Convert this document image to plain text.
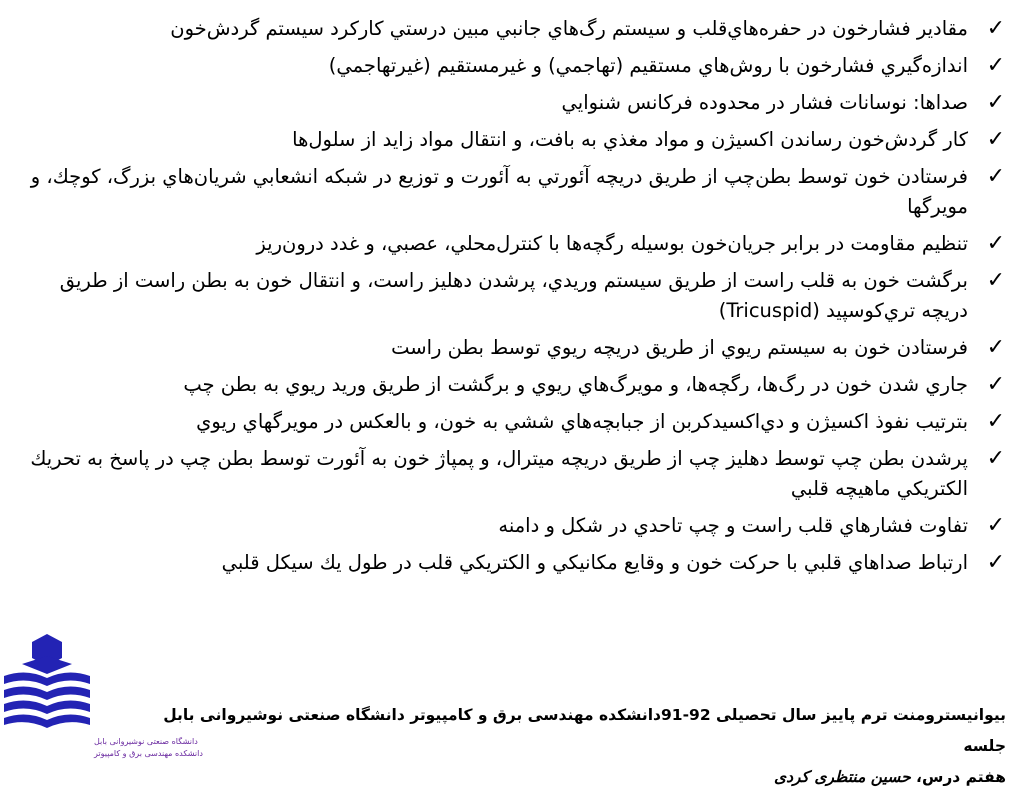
✓
مقادير فشارخون در حفره‌هاي‌قلب و سيستم رگ‌هاي جانبي مبين درستي كاركرد سيستم گردش‌خون
✓
اندازه‌گيري فشارخون با روش‌هاي مستقيم (تهاجمي) و غيرمستقيم (غيرتهاجمي)
✓
صداها: نوسانات فشار در محدوده فركانس شنوايي
✓
كار گردش‌خون رساندن اكسيژن و مواد مغذي به بافت، و انتقال مواد زايد از سلول‌ها
✓
فرستادن خون توسط بطن‌چپ از طريق دريچه آئورتي به آئورت و توزيع در شبكه انشعابي شريان‌هاي بزرگ، كوچك، و مويرگها
✓
تنظيم مقاومت در برابر جريان‌خون بوسيله رگچه‌ها با كنترل‌محلي، عصبي، و غدد درون‌ريز
✓
برگشت خون به قلب راست از طريق سيستم وريدي، پرشدن دهليز راست، و انتقال خون به بطن راست از طريق دريچه تري‌كوسپيد (Tricuspid)
✓
فرستادن خون به سيستم ريوي از طريق دريچه ريوي توسط بطن راست
✓
جاري شدن خون در رگ‌ها، رگچه‌ها، و مويرگ‌هاي ريوي و برگشت از طريق وريد ريوي به بطن چپ
✓
بترتيب نفوذ اكسيژن و دي‌اكسيدكربن از جبابچه‌هاي ششي به خون، و بالعكس در مويرگهاي ريوي
✓
پرشدن بطن چپ توسط دهليز چپ از طريق دريچه ميترال، و پمپاژ خون به آئورت توسط بطن چپ در پاسخ به تحريك الكتريكي ماهيچه قلبي
✓
تفاوت فشارهاي قلب راست و چپ تاحدي در شكل و دامنه
✓
ارتباط صداهاي قلبي با حركت خون و وقايع مكانيكي و الكتريكي قلب در طول يك سيكل قلبي
بیوانیسترومنت ترم پاییز سال تحصیلی 92-91دانشکده مهندسی برق و کامپیوتر دانشگاه صنعتی نوشیروانی بابل جلسه
هفتم درس، حسین منتظری کردی
دانشگاه صنعتی نوشیروانی بابل
دانشکده مهندسی برق و کامپیوتر
